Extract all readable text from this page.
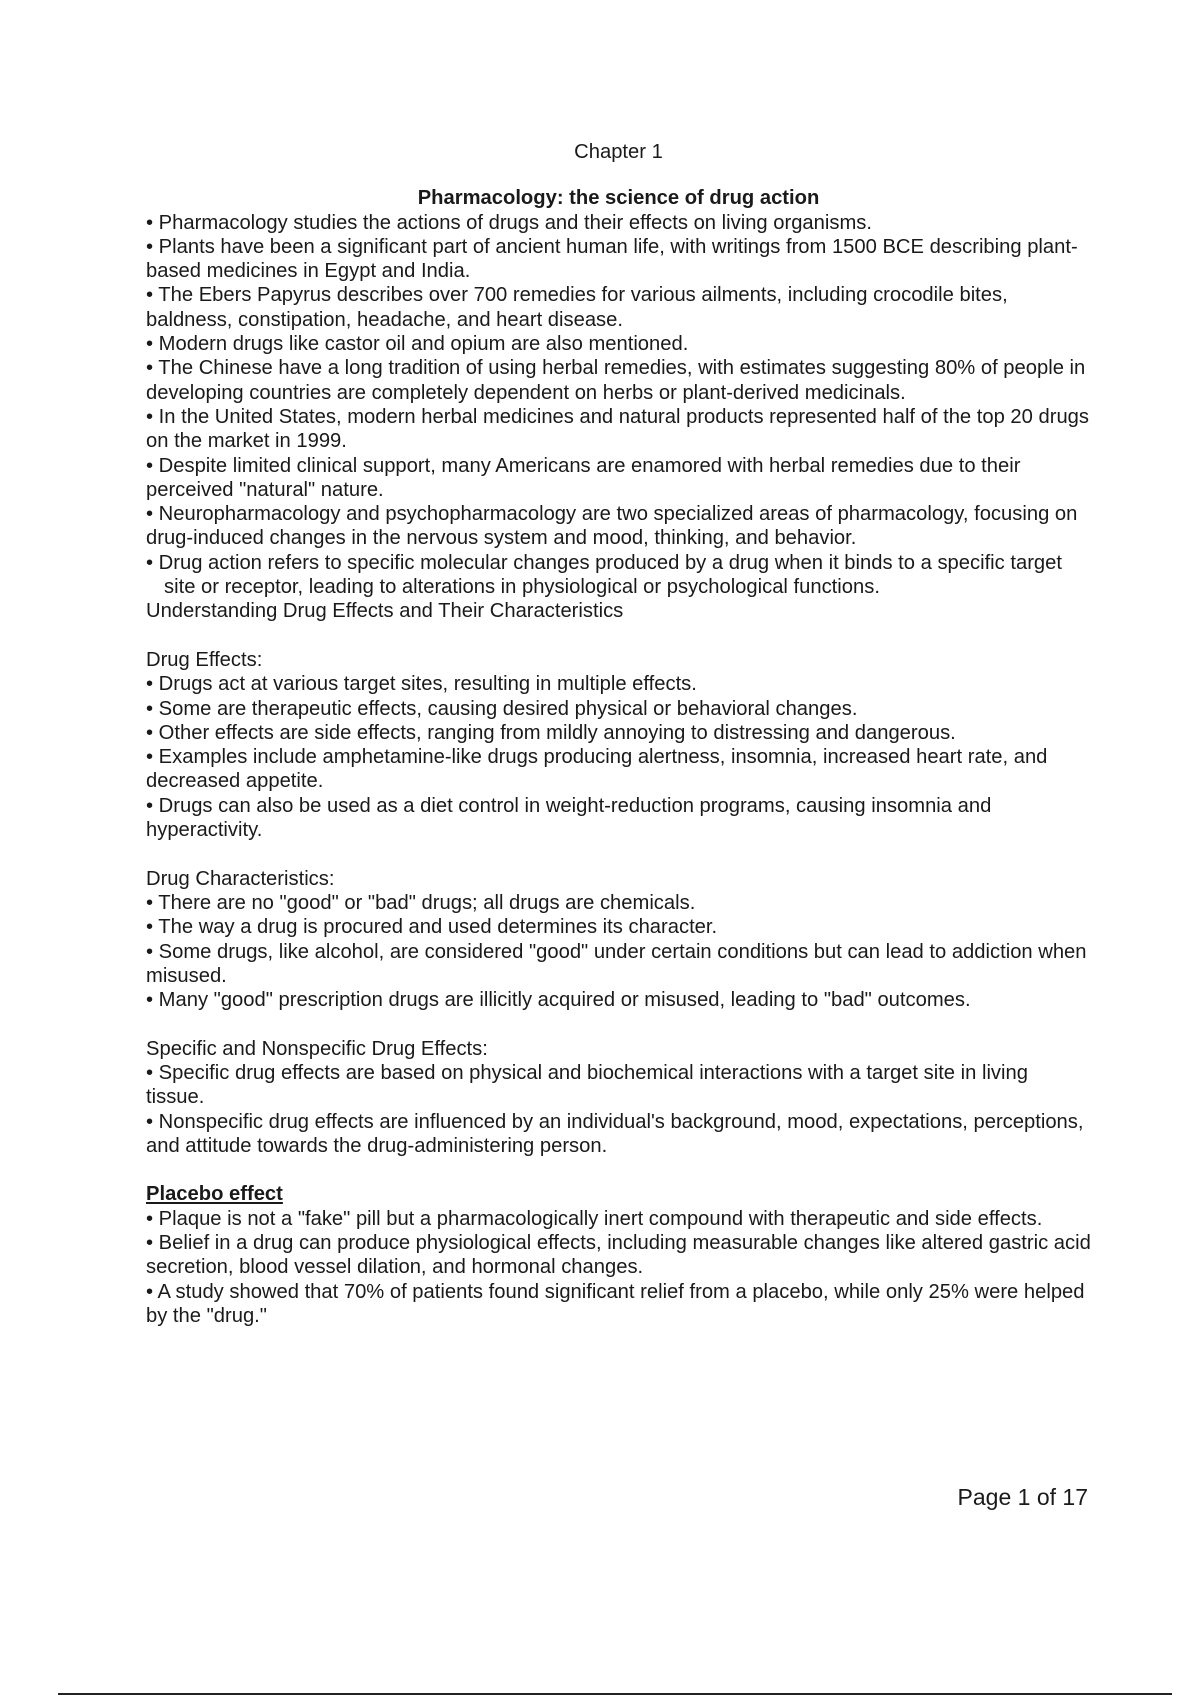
Chapter 1

Pharmacology: the science of drug action

• Pharmacology studies the actions of drugs and their effects on living organisms.

• Plants have been a significant part of ancient human life, with writings from 1500 BCE describing plant-based medicines in Egypt and India.

• The Ebers Papyrus describes over 700 remedies for various ailments, including crocodile bites, baldness, constipation, headache, and heart disease.

• Modern drugs like castor oil and opium are also mentioned.

• The Chinese have a long tradition of using herbal remedies, with estimates suggesting 80% of people in developing countries are completely dependent on herbs or plant-derived medicinals.

• In the United States, modern herbal medicines and natural products represented half of the top 20 drugs on the market in 1999.

• Despite limited clinical support, many Americans are enamored with herbal remedies due to their perceived "natural" nature.

• Neuropharmacology and psychopharmacology are two specialized areas of pharmacology, focusing on drug-induced changes in the nervous system and mood, thinking, and behavior.

• Drug action refers to specific molecular changes produced by a drug when it binds to a specific target site or receptor, leading to alterations in physiological or psychological functions.

Understanding Drug Effects and Their Characteristics

Drug Effects:

• Drugs act at various target sites, resulting in multiple effects.

• Some are therapeutic effects, causing desired physical or behavioral changes.

• Other effects are side effects, ranging from mildly annoying to distressing and dangerous.

• Examples include amphetamine-like drugs producing alertness, insomnia, increased heart rate, and decreased appetite.

• Drugs can also be used as a diet control in weight-reduction programs, causing insomnia and hyperactivity.

Drug Characteristics:

• There are no "good" or "bad" drugs; all drugs are chemicals.

• The way a drug is procured and used determines its character.

• Some drugs, like alcohol, are considered "good" under certain conditions but can lead to addiction when misused.

• Many "good" prescription drugs are illicitly acquired or misused, leading to "bad" outcomes.

Specific and Nonspecific Drug Effects:

• Specific drug effects are based on physical and biochemical interactions with a target site in living tissue.

• Nonspecific drug effects are influenced by an individual's background, mood, expectations, perceptions, and attitude towards the drug-administering person.

Placebo effect

• Plaque is not a "fake" pill but a pharmacologically inert compound with therapeutic and side effects.

• Belief in a drug can produce physiological effects, including measurable changes like altered gastric acid secretion, blood vessel dilation, and hormonal changes.

• A study showed that 70% of patients found significant relief from a placebo, while only 25% were helped by the "drug."

Page 1 of 17
